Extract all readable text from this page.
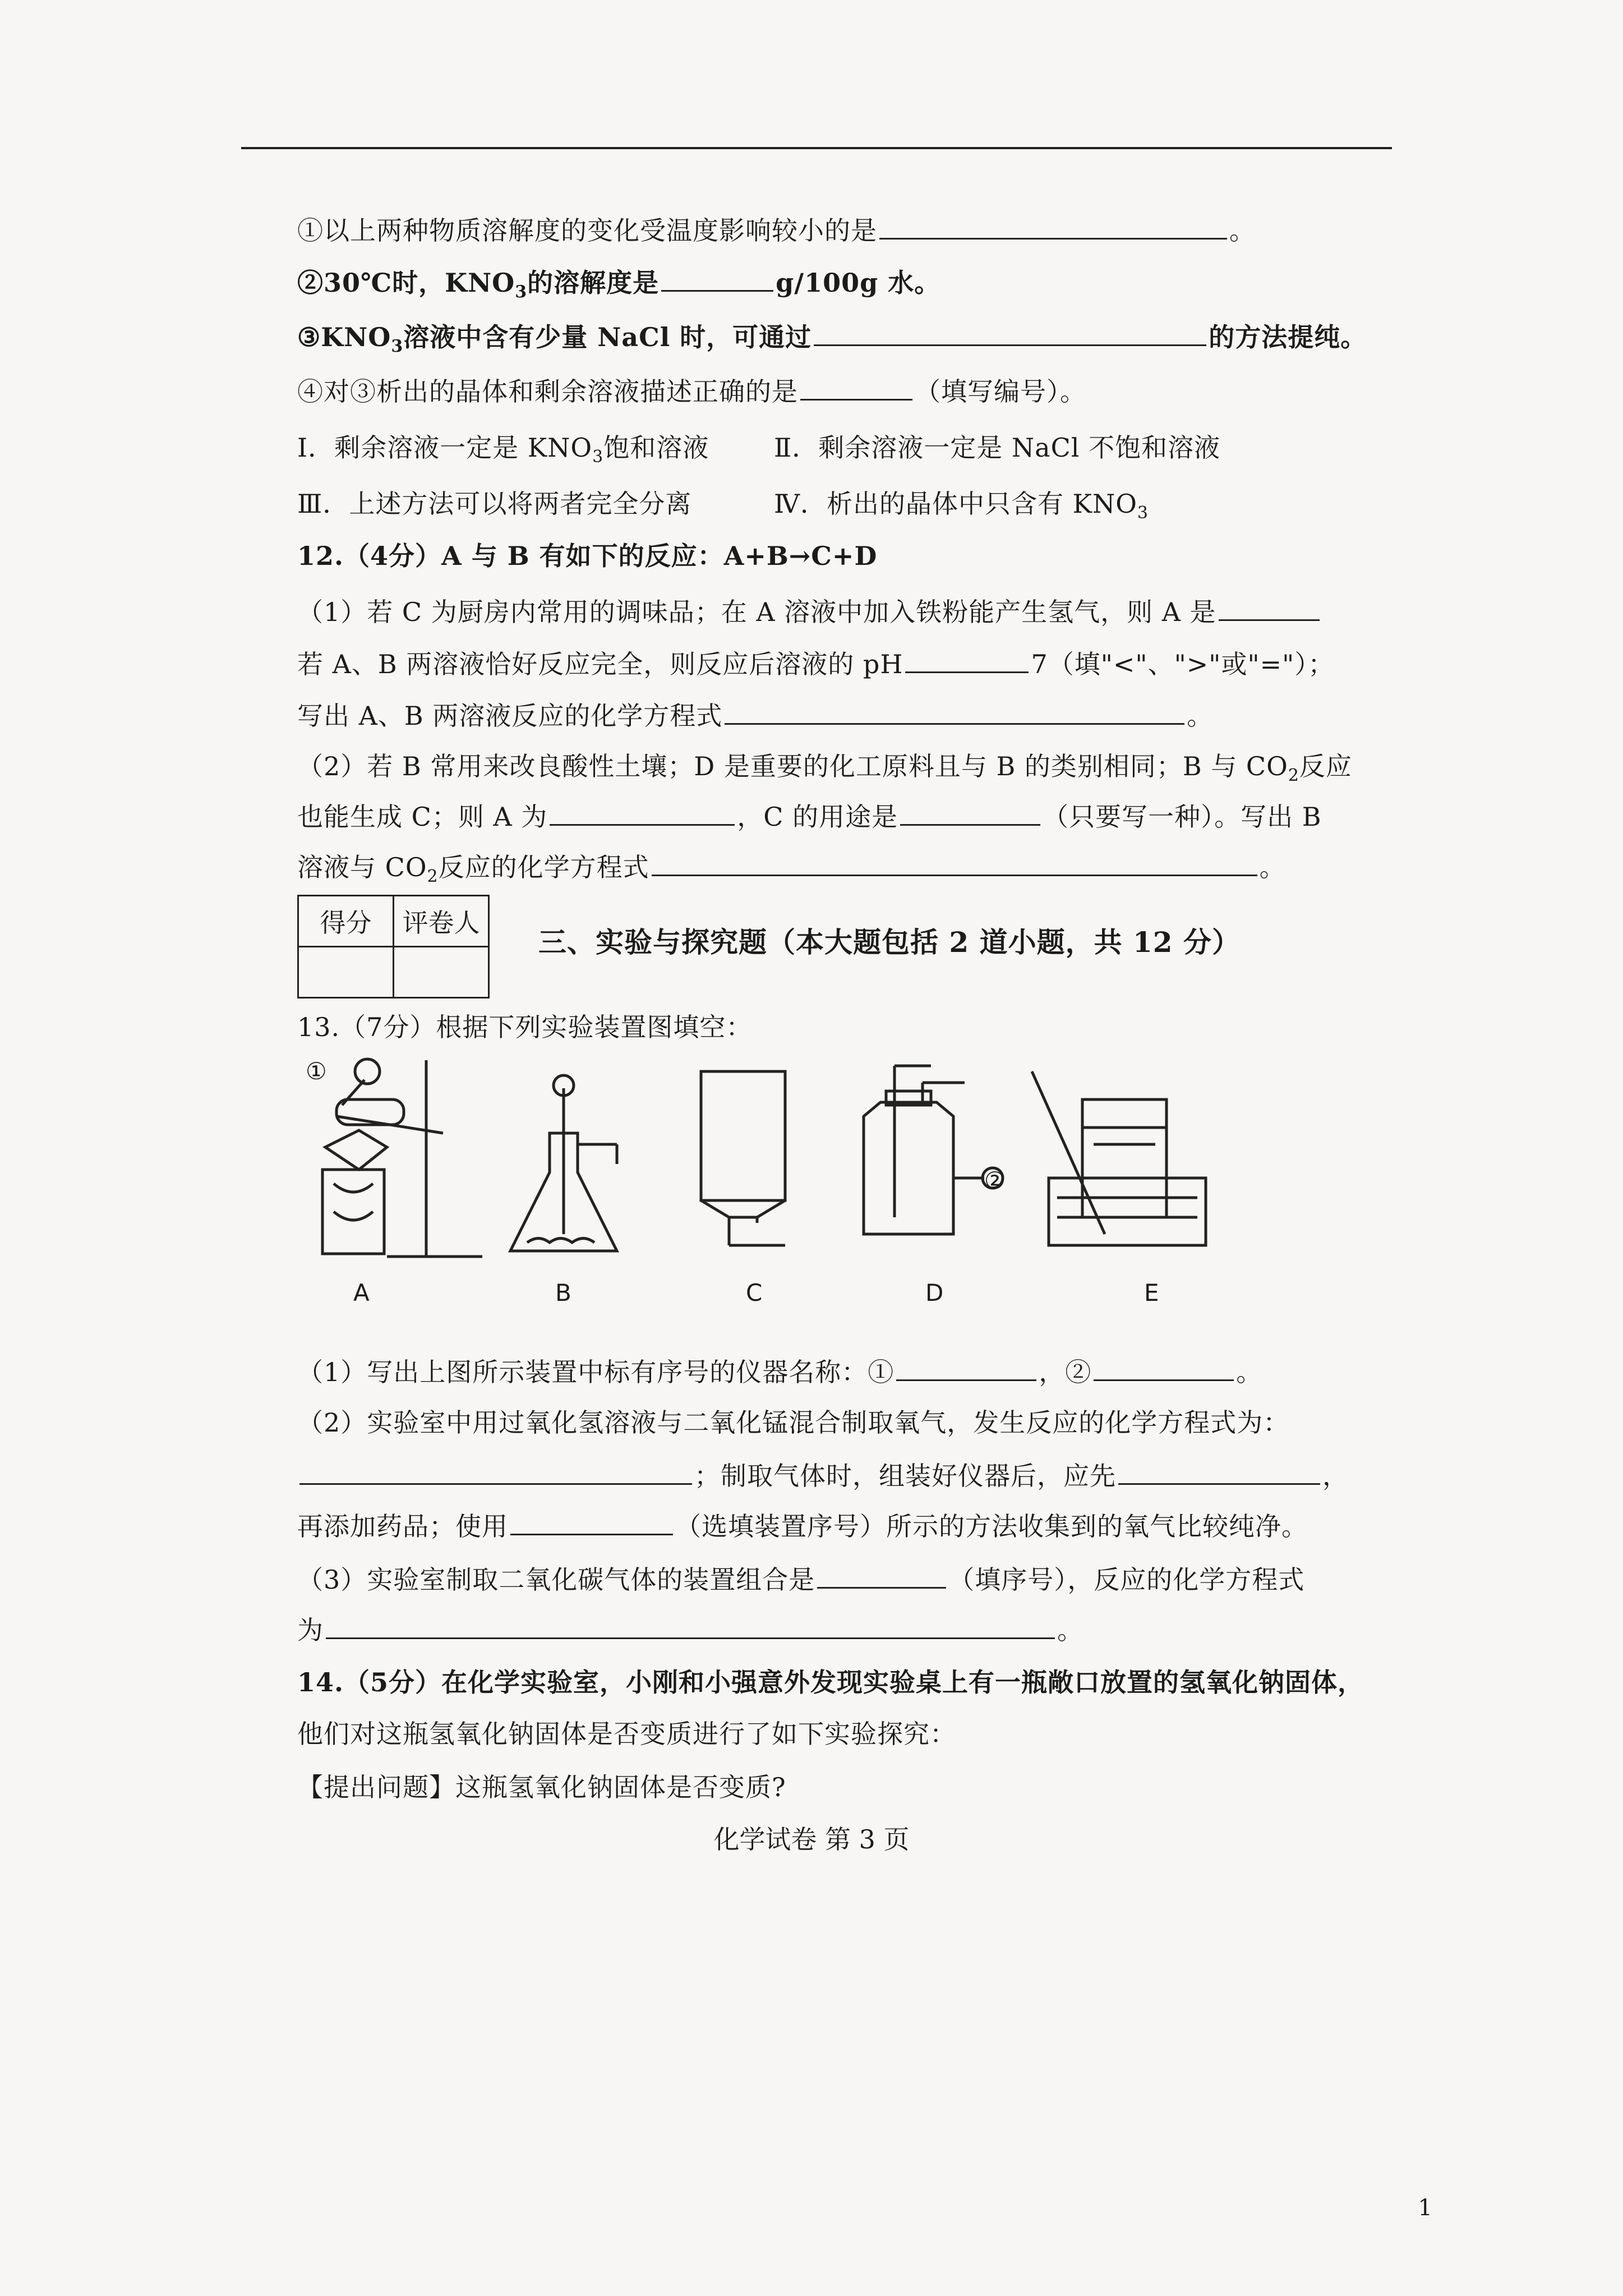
①以上两种物质溶解度的变化受温度影响较小的是	。
②30℃时，$KNO_3$的溶解度是	g/100g 水。
$③KNO_3$溶液中含有少量 NaCl 时，可通过	的方法提纯。
④对③析出的晶体和剩余溶液描述正确的是	（填写编号）。
Ⅰ．剩余溶液一定是 $KNO_3$饱和溶液	Ⅱ．剩余溶液一定是 NaCl 不饱和溶液
Ⅲ．上述方法可以将两者完全分离	Ⅳ．析出的晶体中只含有 $KNO_3$
12.（4分）A 与 B 有如下的反应：A+B→C+D
（1）若 C 为厨房内常用的调味品；在 A 溶液中加入铁粉能产生氢气，则 A 是
若 A、B 两溶液恰好反应完全，则反应后溶液的 pH	7（填"<"、">"或"="）；
写出 A、B 两溶液反应的化学方程式	。
（2）若 B 常用来改良酸性土壤；D 是重要的化工原料且与 B 的类别相同；B 与 $CO_2$反应
也能生成 C；则 A 为	，C 的用途是	（只要写一种）。写出 B
溶液与 $CO_2$反应的化学方程式	。
得分	评卷人

三、实验与探究题（本大题包括 2 道小题，共 12 分）
13.（7分）根据下列实验装置图填空：
A	B	C	D	E
①
②
（1）写出上图所示装置中标有序号的仪器名称：①	，②	。
（2）实验室中用过氧化氢溶液与二氧化锰混合制取氧气，发生反应的化学方程式为：
；制取气体时，组装好仪器后，应先	，
再添加药品；使用	（选填装置序号）所示的方法收集到的氧气比较纯净。
（3）实验室制取二氧化碳气体的装置组合是	（填序号），反应的化学方程式
为	。
14.（5分）在化学实验室，小刚和小强意外发现实验桌上有一瓶敞口放置的氢氧化钠固体，
他们对这瓶氢氧化钠固体是否变质进行了如下实验探究：
【提出问题】这瓶氢氧化钠固体是否变质?
化学试卷 第 3 页
1
